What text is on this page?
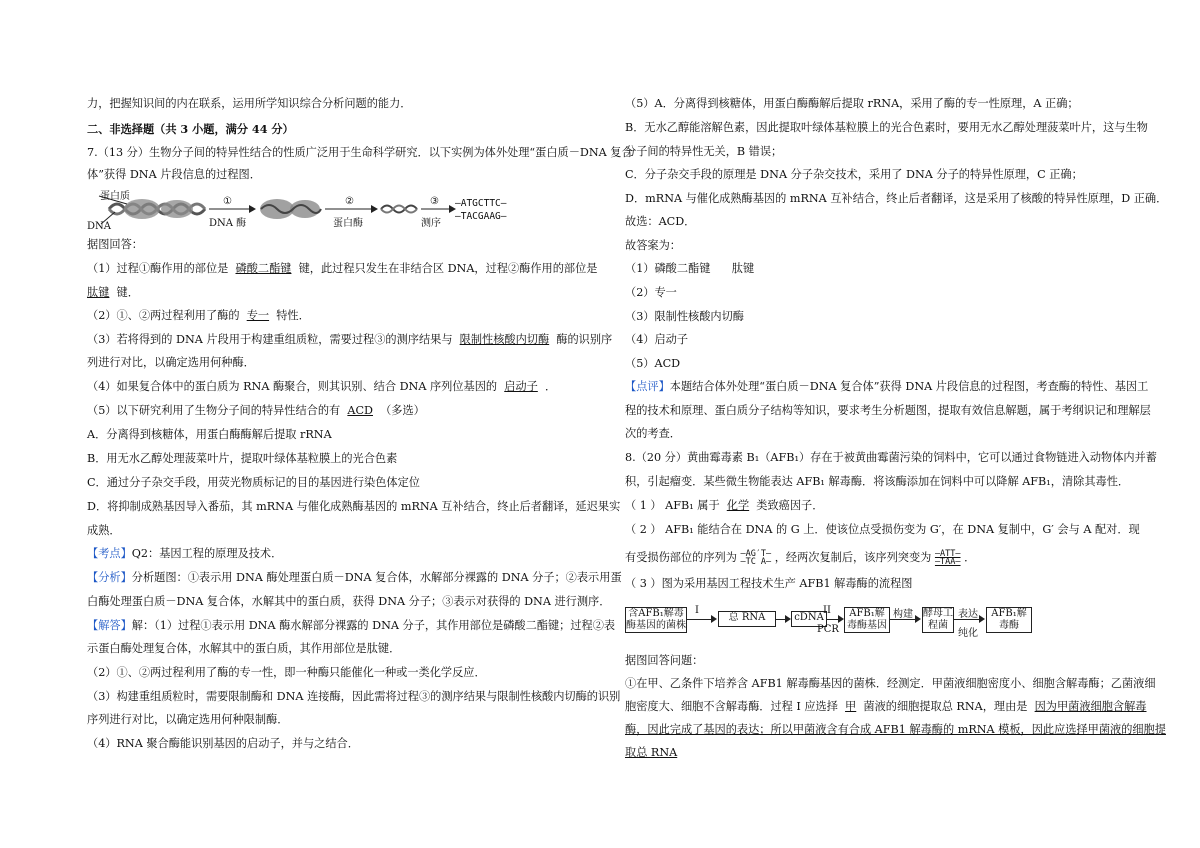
力，把握知识间的内在联系，运用所学知识综合分析问题的能力．
二、非选择题（共 3 小题，满分 44 分）
7.（13 分）生物分子间的特异性结合的性质广泛用于生命科学研究．以下实例为体外处理“蛋白质－DNA 复合
体”获得 DNA 片段信息的过程图．
蛋白质
DNA
①
DNA 酶
②
蛋白酶
③
测序
—ATGCTTC—
—TACGAAG—
据图回答：
（1）过程①酶作用的部位是 磷酸二酯键 键，此过程只发生在非结合区 DNA，过程②酶作用的部位是
肽键 键．
（2）①、②两过程利用了酶的 专一 特性．
（3）若将得到的 DNA 片段用于构建重组质粒，需要过程③的测序结果与 限制性核酸内切酶 酶的识别序
列进行对比，以确定选用何种酶．
（4）如果复合体中的蛋白质为 RNA 酶聚合，则其识别、结合 DNA 序列位基因的 启动子 ．
（5）以下研究利用了生物分子间的特异性结合的有 ACD （多选）
A．分离得到核糖体，用蛋白酶酶解后提取 rRNA
B．用无水乙醇处理菠菜叶片，提取叶绿体基粒膜上的光合色素
C．通过分子杂交手段，用荧光物质标记的目的基因进行染色体定位
D．将抑制成熟基因导入番茄，其 mRNA 与催化成熟酶基因的 mRNA 互补结合，终止后者翻译，延迟果实
成熟．
【考点】Q2：基因工程的原理及技术．
【分析】分析题图：①表示用 DNA 酶处理蛋白质－DNA 复合体，水解部分裸露的 DNA 分子；②表示用蛋
白酶处理蛋白质－DNA 复合体，水解其中的蛋白质，获得 DNA 分子；③表示对获得的 DNA 进行测序．
【解答】解：（1）过程①表示用 DNA 酶水解部分裸露的 DNA 分子，其作用部位是磷酸二酯键；过程②表
示蛋白酶处理复合体，水解其中的蛋白质，其作用部位是肽键．
（2）①、②两过程利用了酶的专一性，即一种酶只能催化一种或一类化学反应．
（3）构建重组质粒时，需要限制酶和 DNA 连接酶，因此需将过程③的测序结果与限制性核酸内切酶的识别
序列进行对比，以确定选用何种限制酶．
（4）RNA 聚合酶能识别基因的启动子，并与之结合．
（5）A．分离得到核糖体，用蛋白酶酶解后提取 rRNA，采用了酶的专一性原理，A 正确；
B．无水乙醇能溶解色素，因此提取叶绿体基粒膜上的光合色素时，要用无水乙醇处理菠菜叶片，这与生物
分子间的特异性无关，B 错误；
C．分子杂交手段的原理是 DNA 分子杂交技术，采用了 DNA 分子的特异性原理，C 正确；
D．mRNA 与催化成熟酶基因的 mRNA 互补结合，终止后者翻译，这是采用了核酸的特异性原理，D 正确．
故选：ACD．
故答案为：
（1）磷酸二酯键 肽键
（2）专一
（3）限制性核酸内切酶
（4）启动子
（5）ACD
【点评】本题结合体外处理“蛋白质－DNA 复合体”获得 DNA 片段信息的过程图，考查酶的特性、基因工
程的技术和原理、蛋白质分子结构等知识，要求考生分析题图，提取有效信息解题，属于考纲识记和理解层
次的考查．
8.（20 分）黄曲霉毒素 B₁（AFB₁）存在于被黄曲霉菌污染的饲料中，它可以通过食物链进入动物体内并蓄
积，引起瘤变．某些微生物能表达 AFB₁ 解毒酶．将该酶添加在饲料中可以降解 AFB₁，清除其毒性．
（ 1 ） AFB₁ 属于 化学 类致癌因子．
（ 2 ） AFB₁ 能结合在 DNA 的 G 上．使该位点受损伤变为 G′，在 DNA 复制中，G′ 会与 A 配对．现
有受损伤部位的序列为 —AG′T—
—TC A— ，经两次复制后，该序列突变为 —ATT—
—TAA— ．
（ 3 ）图为采用基因工程技术生产 AFB1 解毒酶的流程图
含AFB₁解毒酶基因的菌株
I
总 RNA	cDNA
II
PCR
AFB₁解毒酶基因
构建 酵母工程菌
表达
纯化
AFB₁解毒酶
据图回答问题：
①在甲、乙条件下培养含 AFB1 解毒酶基因的菌株．经测定．甲菌液细胞密度小、细胞含解毒酶；乙菌液细
胞密度大、细胞不含解毒酶．过程 I 应选择 甲 菌液的细胞提取总 RNA，理由是 因为甲菌液细胞含解毒
酶，因此完成了基因的表达；所以甲菌液含有合成 AFB1 解毒酶的 mRNA 模板，因此应选择甲菌液的细胞提
取总 RNA
